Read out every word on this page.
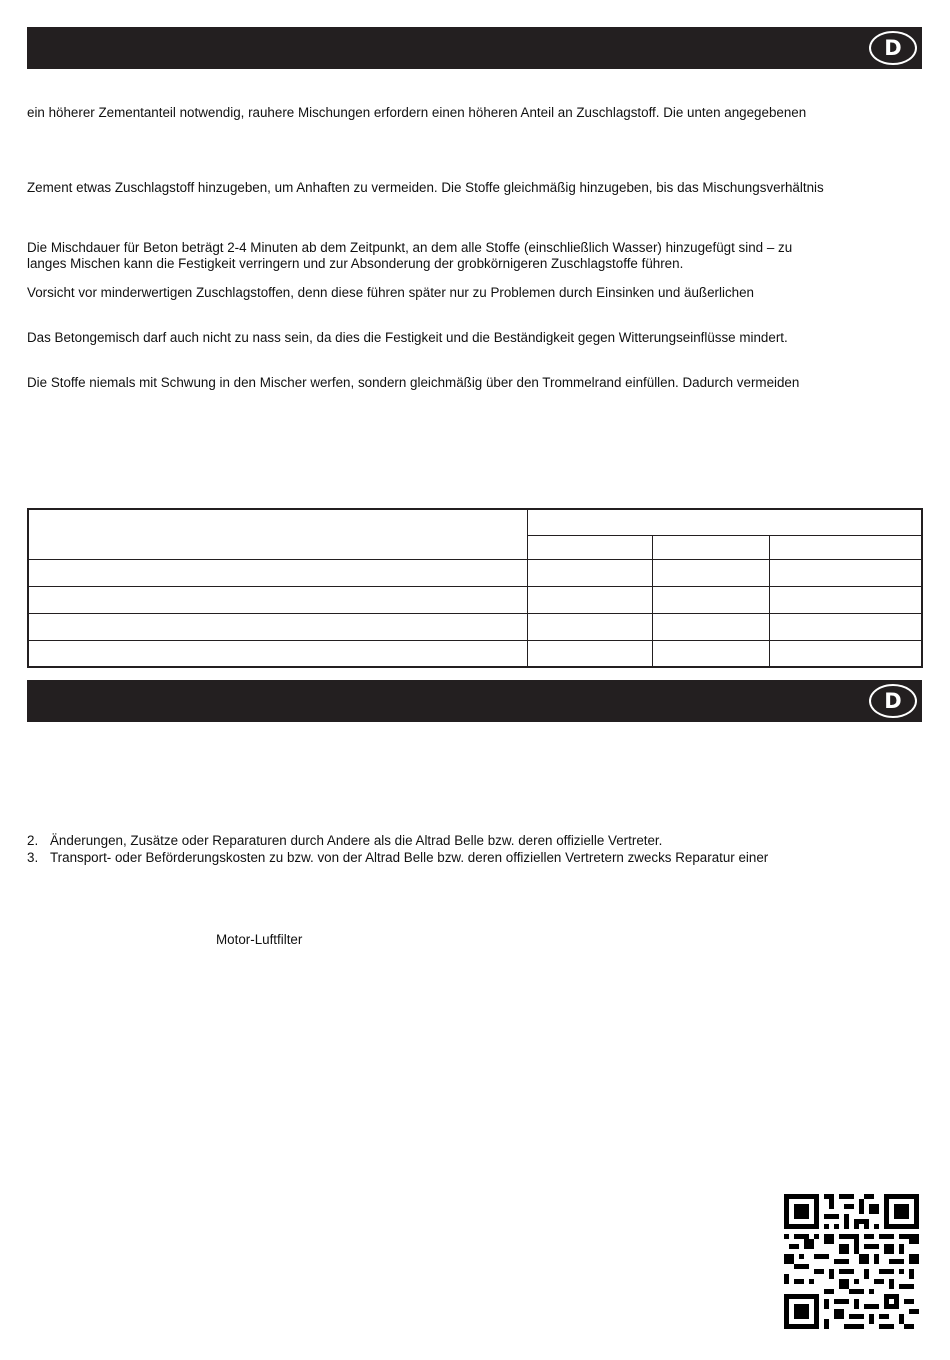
D

ein höherer Zementanteil notwendig, rauhere Mischungen erfordern einen höheren Anteil an Zuschlagstoff. Die unten angegebenen

Zement etwas Zuschlagstoff hinzugeben, um Anhaften zu vermeiden. Die Stoffe gleichmäßig hinzugeben, bis das Mischungsverhältnis

Die Mischdauer für Beton beträgt 2-4 Minuten ab dem Zeitpunkt, an dem alle Stoffe (einschließlich Wasser) hinzugefügt sind – zu

langes Mischen kann die Festigkeit verringern und zur Absonderung der grobkörnigeren Zuschlagstoffe führen.

Vorsicht vor minderwertigen Zuschlagstoffen, denn diese führen später nur zu Problemen durch Einsinken und äußerlichen

Das Betongemisch darf auch nicht zu nass sein, da dies die Festigkeit und die Beständigkeit gegen Witterungseinflüsse mindert.

Die Stoffe niemals mit Schwung in den Mischer werfen, sondern gleichmäßig über den Trommelrand einfüllen. Dadurch vermeiden

D
2. Änderungen, Zusätze oder Reparaturen durch Andere als die Altrad Belle bzw. deren offizielle Vertreter.
3. Transport- oder Beförderungskosten zu bzw. von der Altrad Belle bzw. deren offiziellen Vertretern zwecks Reparatur einer

Motor-Luftfilter
